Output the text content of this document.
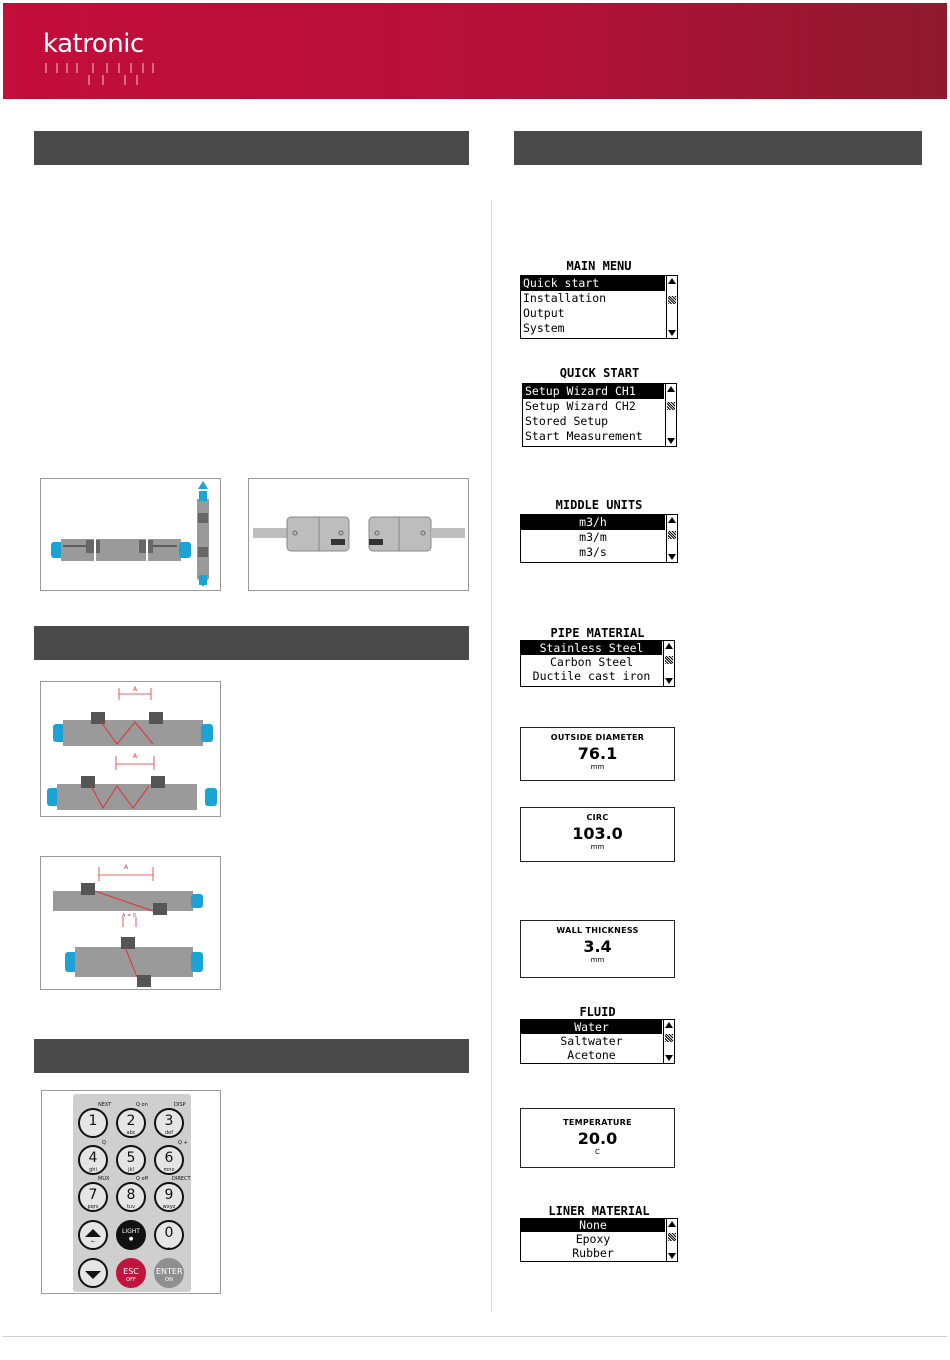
katronic
A
A
A
A = 0
1
NEXT
2
abc
Q on
3
def
DISP
4
ghi
Q
5
jkl
6
mno
Q +
7
pqrs
MUX
8
tuv
Q off
9
wxyz
DIRECT
←
LIGHT
●	0
_
ESC
OFF
ENTER
ON
MAIN MENU
Quick start
Installation
Output
System
QUICK START
Setup Wizard CH1
Setup Wizard CH2
Stored Setup
Start Measurement
MIDDLE UNITS
m3/h
m3/m
m3/s
PIPE MATERIAL
Stainless Steel
Carbon Steel
Ductile cast iron
OUTSIDE DIAMETER
76.1
mm
CIRC
103.0
mm
WALL THICKNESS
3.4
mm
FLUID
Water
Saltwater
Acetone
TEMPERATURE
20.0
C
LINER MATERIAL
None
Epoxy
Rubber
